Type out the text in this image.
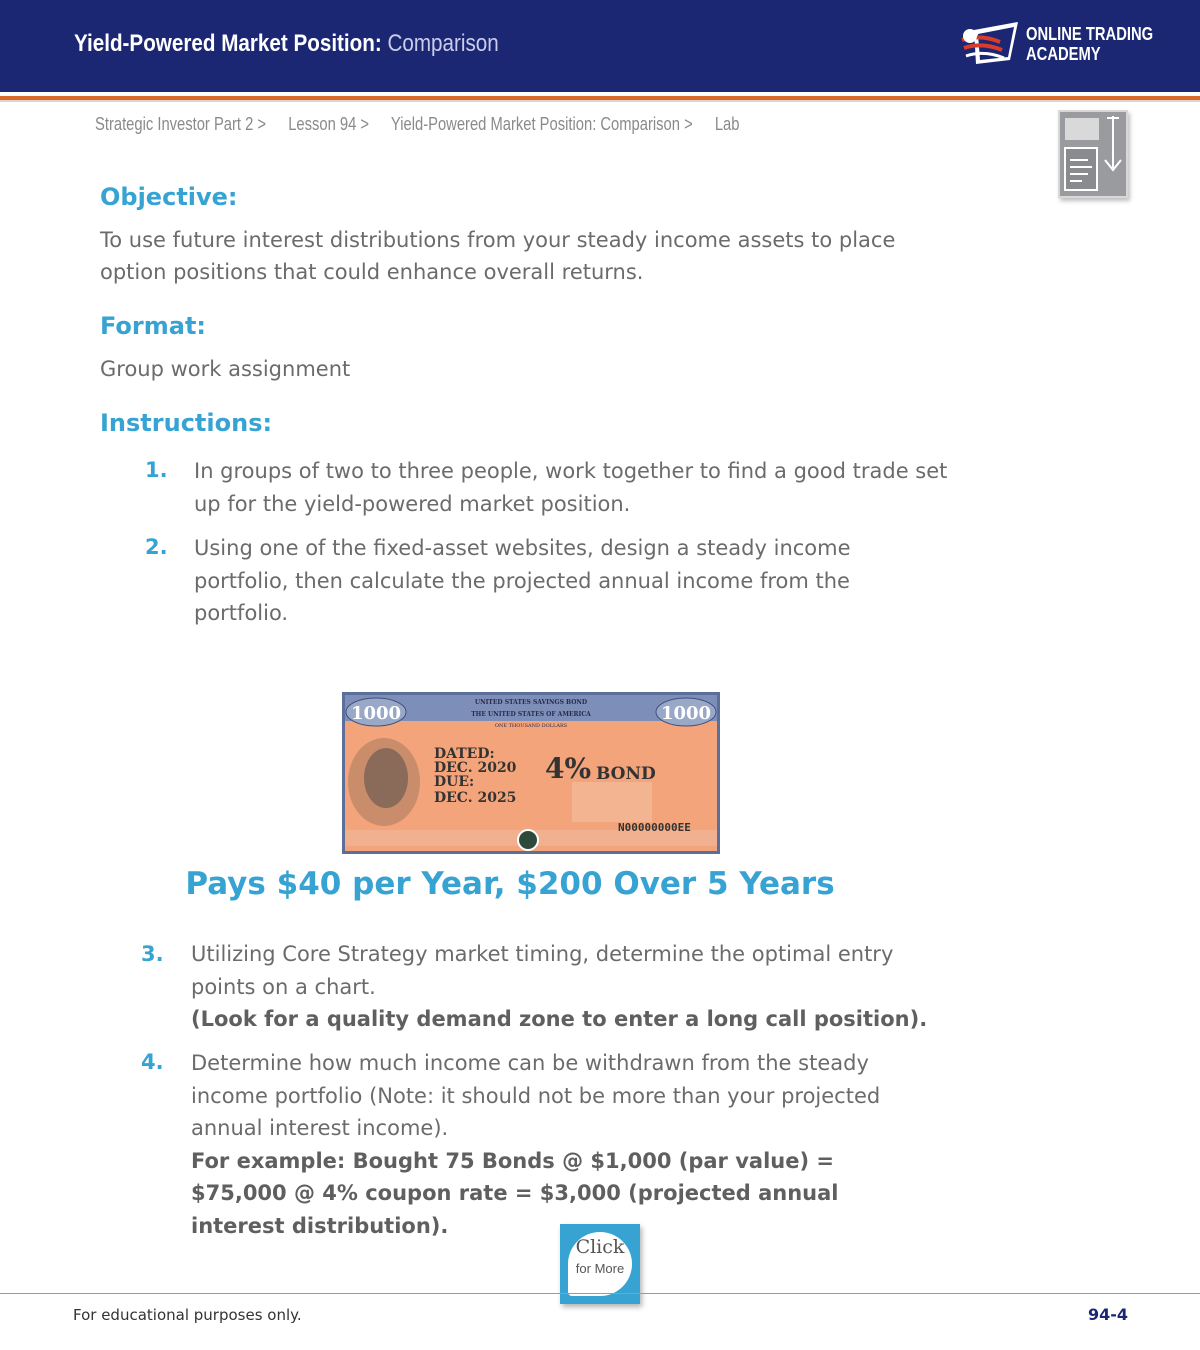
Yield-Powered Market Position: Comparison	ONLINE TRADING
ACADEMY
Strategic Investor Part 2 > Lesson 94 > Yield-Powered Market Position: Comparison > Lab
Objective:
To use future interest distributions from your steady income assets to place option positions that could enhance overall returns.
Format:
Group work assignment
Instructions:
1. In groups of two to three people, work together to find a good trade set up for the yield-powered market position.
2. Using one of the fixed-asset websites, design a steady income portfolio, then calculate the projected annual income from the portfolio.
1000	1000
UNITED STATES SAVINGS BOND
THE UNITED STATES OF AMERICA
ONE THOUSAND DOLLARS
DATED:
DEC. 2020
DUE:
DEC. 2025
4% BOND
N00000000EE
Pays $40 per Year, $200 Over 5 Years
3. Utilizing Core Strategy market timing, determine the optimal entry points on a chart.
(Look for a quality demand zone to enter a long call position).
4. Determine how much income can be withdrawn from the steady income portfolio (Note: it should not be more than your projected annual interest income).
For example: Bought 75 Bonds @ $1,000 (par value) = $75,000 @ 4% coupon rate = $3,000 (projected annual interest distribution).
Click
for More
For educational purposes only.	94-4
